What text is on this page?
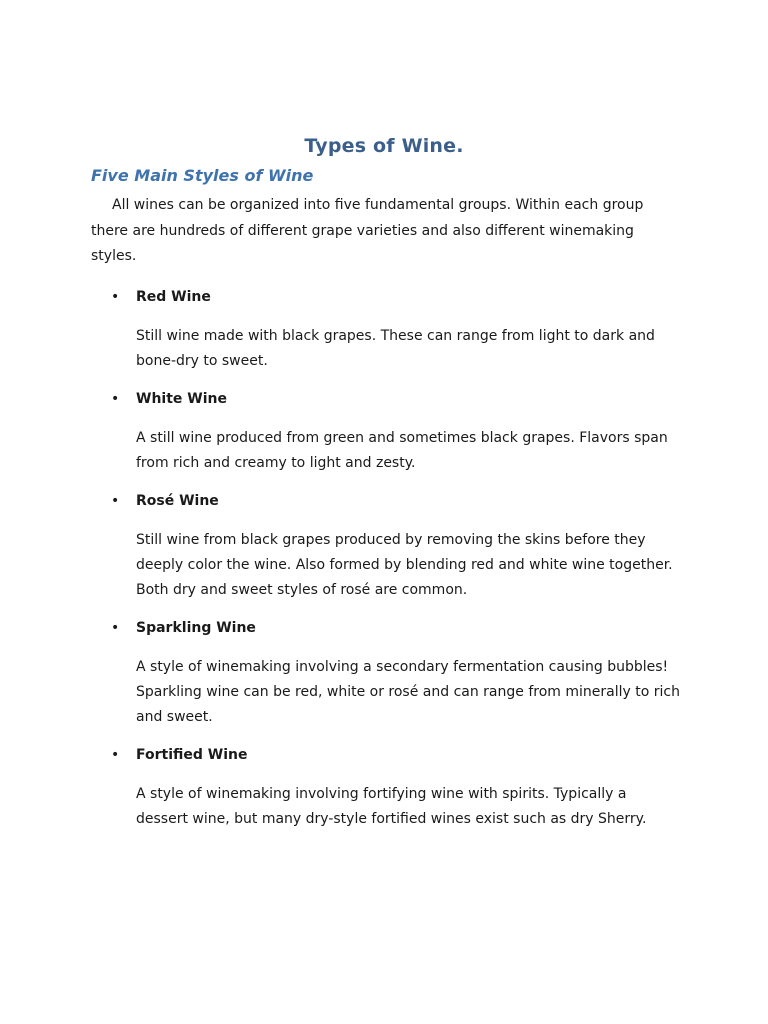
Types of Wine.
Five Main Styles of Wine

All wines can be organized into five fundamental groups. Within each group there are hundreds of different grape varieties and also different winemaking styles.

•	Red Wine

Still wine made with black grapes. These can range from light to dark and bone-dry to sweet.

•	White Wine

A still wine produced from green and sometimes black grapes. Flavors span from rich and creamy to light and zesty.

•	Rosé Wine

Still wine from black grapes produced by removing the skins before they deeply color the wine. Also formed by blending red and white wine together. Both dry and sweet styles of rosé are common.

•	Sparkling Wine

A style of winemaking involving a secondary fermentation causing bubbles! Sparkling wine can be red, white or rosé and can range from minerally to rich and sweet.

•	Fortified Wine

A style of winemaking involving fortifying wine with spirits. Typically a dessert wine, but many dry-style fortified wines exist such as dry Sherry.
